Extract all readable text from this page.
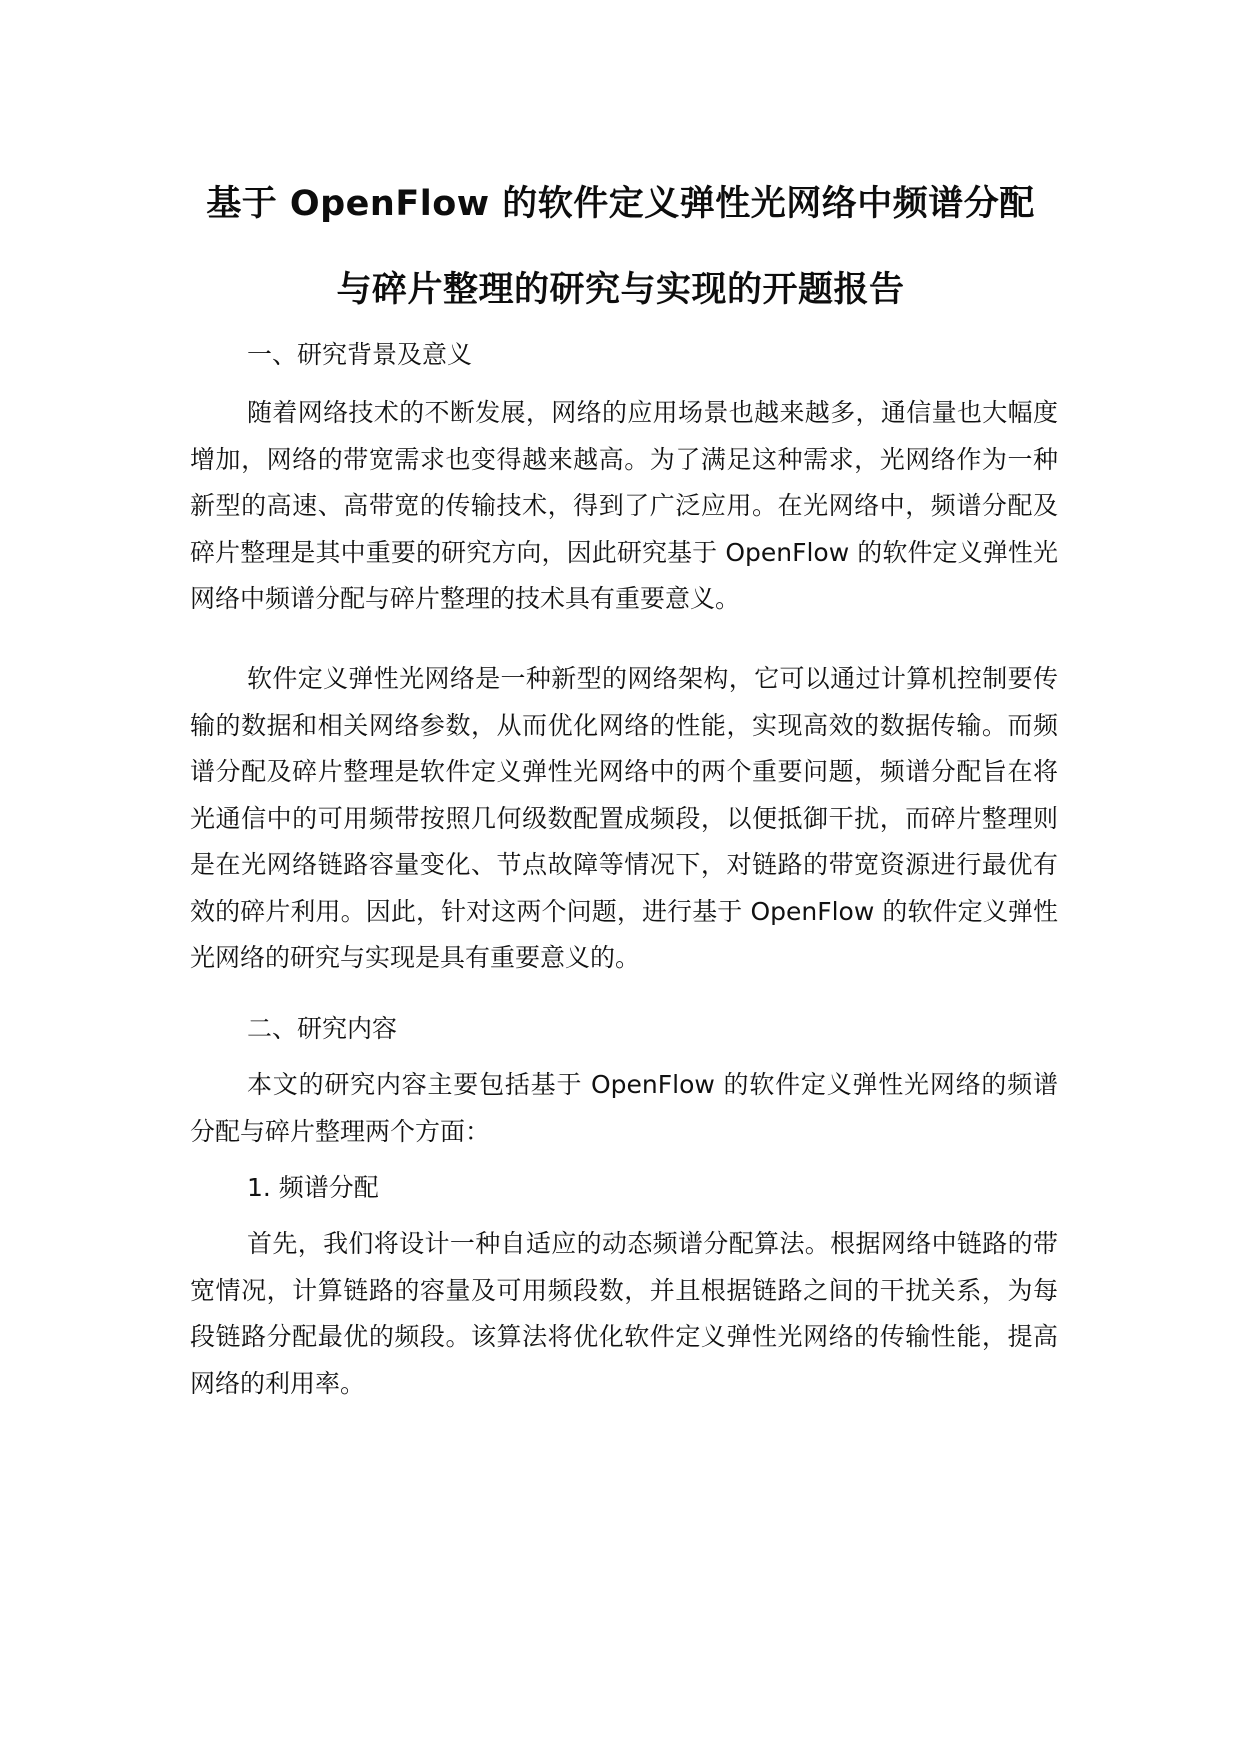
基于 OpenFlow 的软件定义弹性光网络中频谱分配
与碎片整理的研究与实现的开题报告
一、研究背景及意义
随着网络技术的不断发展，网络的应用场景也越来越多，通信量也大幅度增加，网络的带宽需求也变得越来越高。为了满足这种需求，光网络作为一种新型的高速、高带宽的传输技术，得到了广泛应用。在光网络中，频谱分配及碎片整理是其中重要的研究方向，因此研究基于 OpenFlow 的软件定义弹性光网络中频谱分配与碎片整理的技术具有重要意义。
软件定义弹性光网络是一种新型的网络架构，它可以通过计算机控制要传输的数据和相关网络参数，从而优化网络的性能，实现高效的数据传输。而频谱分配及碎片整理是软件定义弹性光网络中的两个重要问题，频谱分配旨在将光通信中的可用频带按照几何级数配置成频段，以便抵御干扰，而碎片整理则是在光网络链路容量变化、节点故障等情况下，对链路的带宽资源进行最优有效的碎片利用。因此，针对这两个问题，进行基于 OpenFlow 的软件定义弹性光网络的研究与实现是具有重要意义的。
二、研究内容
本文的研究内容主要包括基于 OpenFlow 的软件定义弹性光网络的频谱分配与碎片整理两个方面：
1. 频谱分配
首先，我们将设计一种自适应的动态频谱分配算法。根据网络中链路的带宽情况，计算链路的容量及可用频段数，并且根据链路之间的干扰关系，为每段链路分配最优的频段。该算法将优化软件定义弹性光网络的传输性能，提高网络的利用率。
